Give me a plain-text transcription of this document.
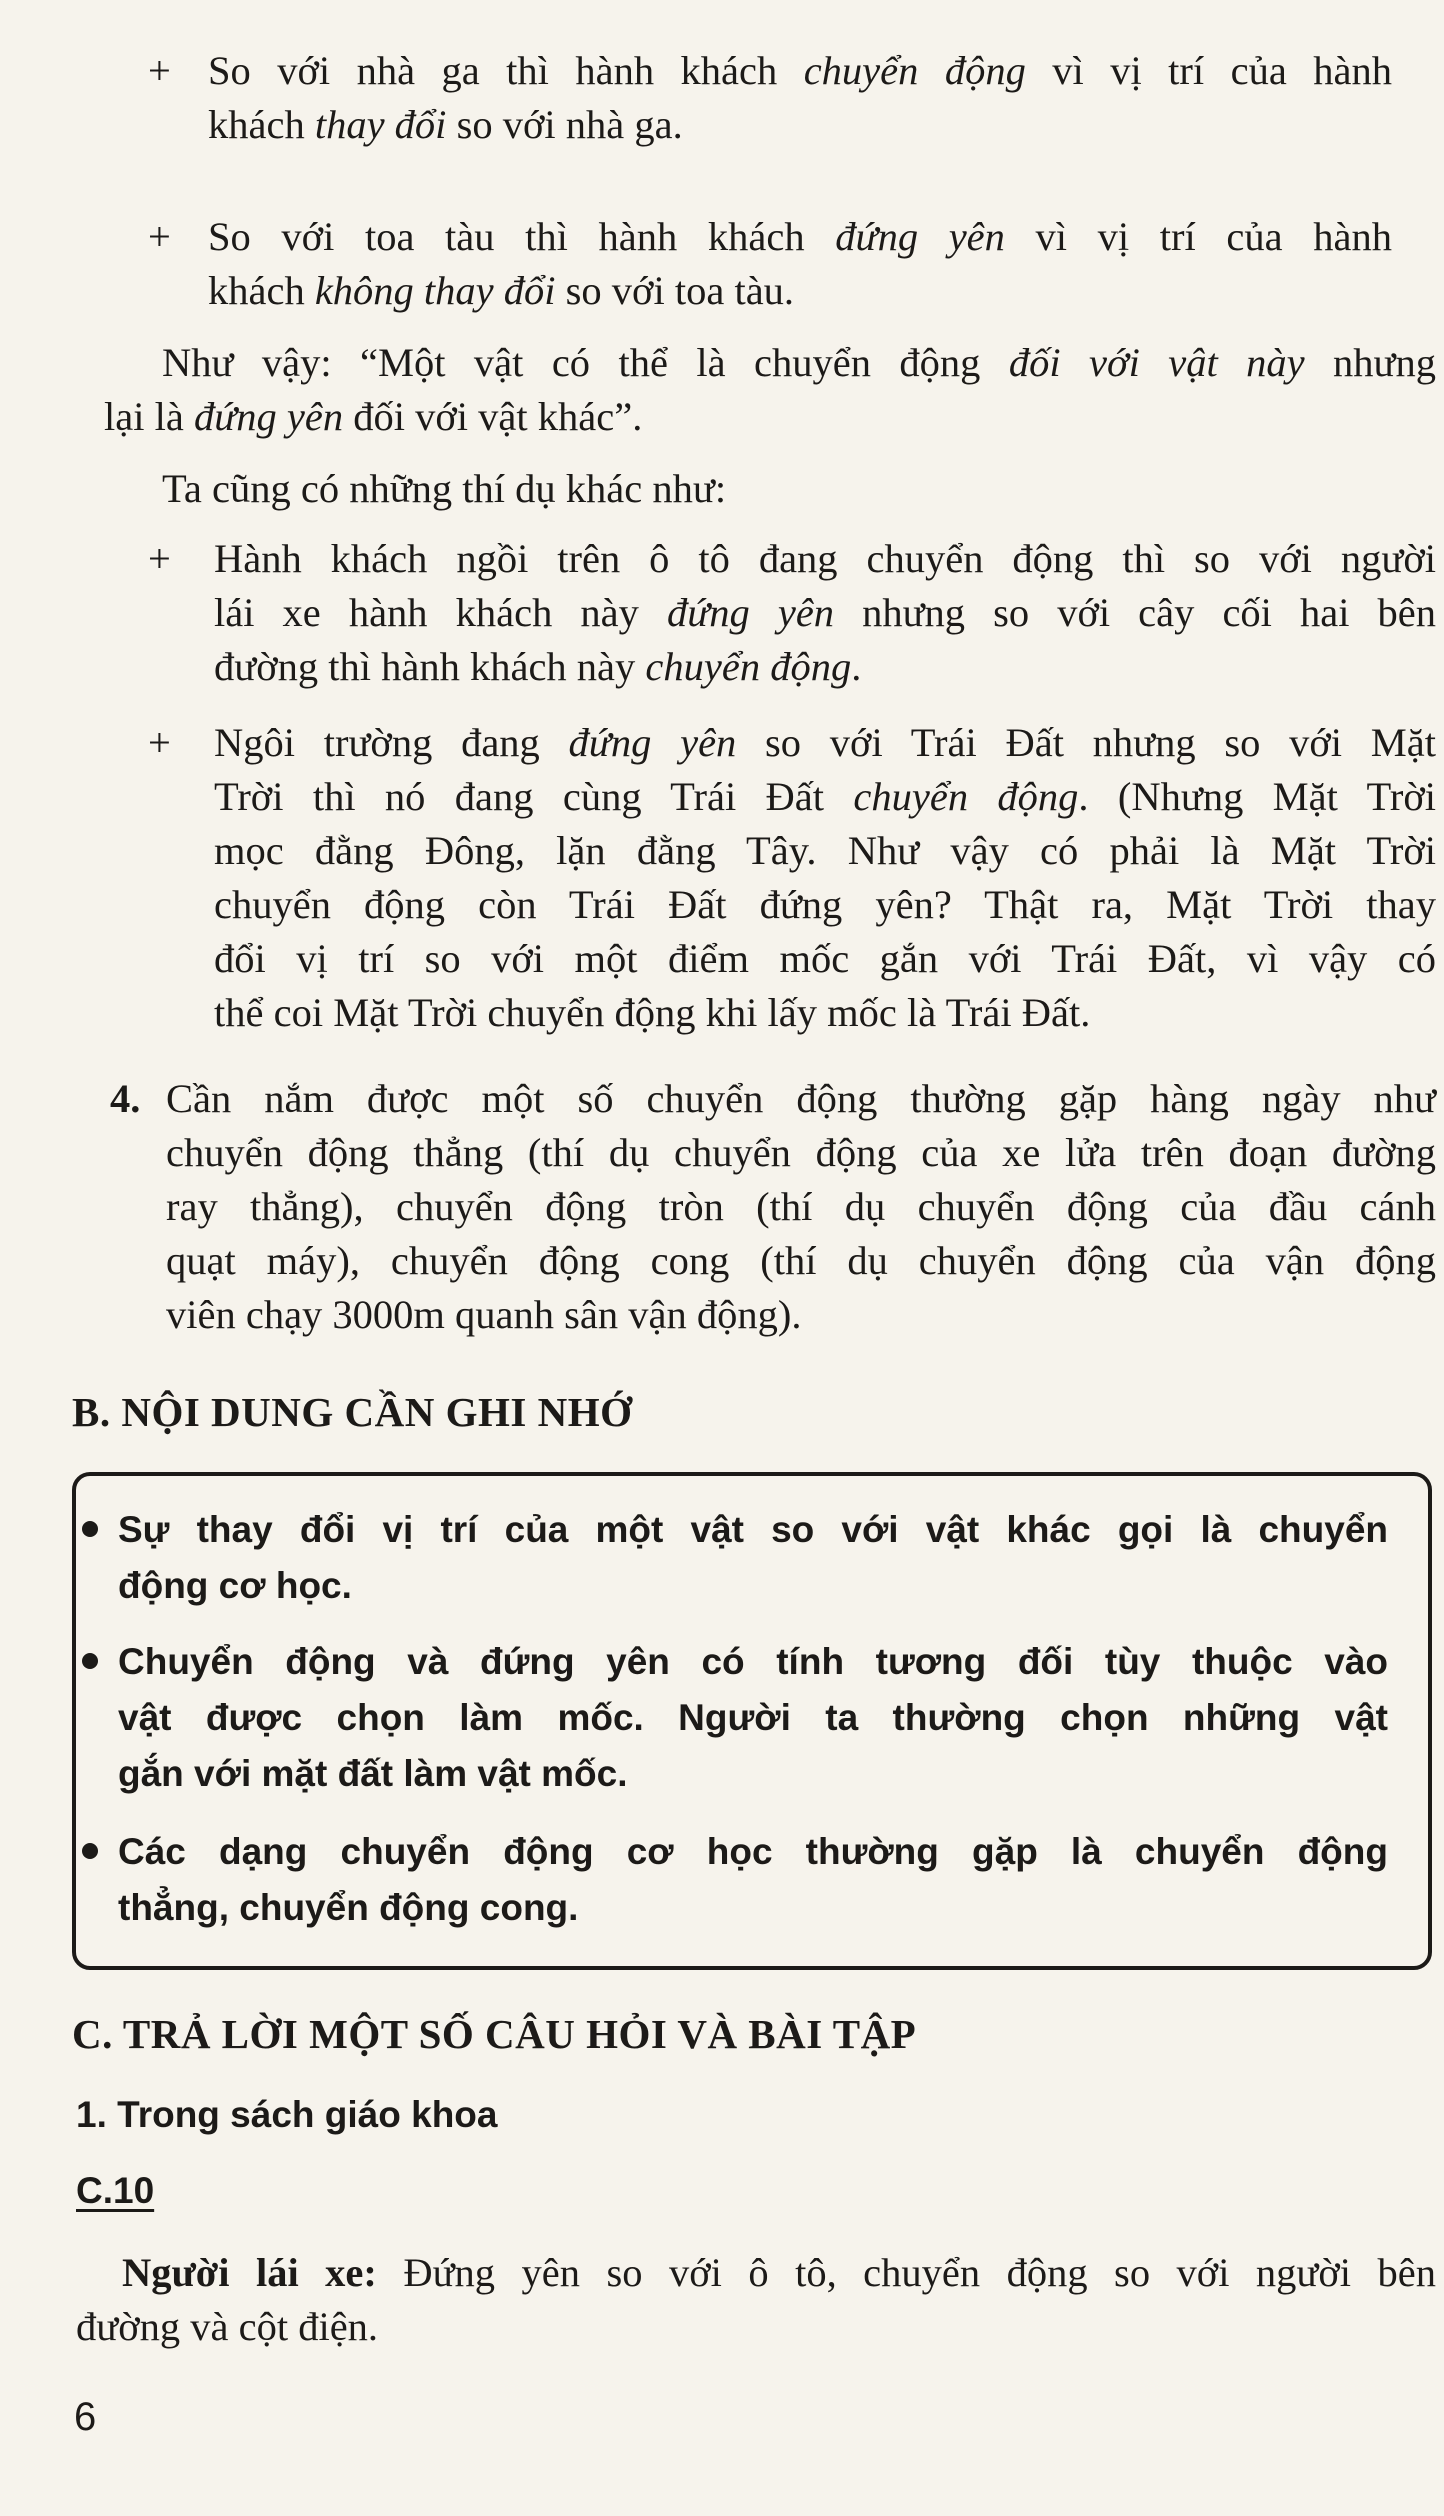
+ So với nhà ga thì hành khách chuyển động vì vị trí của hành
khách thay đổi so với nhà ga.
+ So với toa tàu thì hành khách đứng yên vì vị trí của hành
khách không thay đổi so với toa tàu.
Như vậy: “Một vật có thể là chuyển động đối với vật này nhưng
lại là đứng yên đối với vật khác”.
Ta cũng có những thí dụ khác như:
+ Hành khách ngồi trên ô tô đang chuyển động thì so với người
lái xe hành khách này đứng yên nhưng so với cây cối hai bên
đường thì hành khách này chuyển động.
+ Ngôi trường đang đứng yên so với Trái Đất nhưng so với Mặt
Trời thì nó đang cùng Trái Đất chuyển động. (Nhưng Mặt Trời
mọc đằng Đông, lặn đằng Tây. Như vậy có phải là Mặt Trời
chuyển động còn Trái Đất đứng yên? Thật ra, Mặt Trời thay
đổi vị trí so với một điểm mốc gắn với Trái Đất, vì vậy có
thể coi Mặt Trời chuyển động khi lấy mốc là Trái Đất.
4. Cần nắm được một số chuyển động thường gặp hàng ngày như
chuyển động thẳng (thí dụ chuyển động của xe lửa trên đoạn đường
ray thẳng), chuyển động tròn (thí dụ chuyển động của đầu cánh
quạt máy), chuyển động cong (thí dụ chuyển động của vận động
viên chạy 3000m quanh sân vận động).
B. NỘI DUNG CẦN GHI NHỚ
Sự thay đổi vị trí của một vật so với vật khác gọi là chuyển
động cơ học.
Chuyển động và đứng yên có tính tương đối tùy thuộc vào
vật được chọn làm mốc. Người ta thường chọn những vật
gắn với mặt đất làm vật mốc.
Các dạng chuyển động cơ học thường gặp là chuyển động
thẳng, chuyển động cong.
C. TRẢ LỜI MỘT SỐ CÂU HỎI VÀ BÀI TẬP
1. Trong sách giáo khoa
C.10
Người lái xe: Đứng yên so với ô tô, chuyển động so với người bên
đường và cột điện.
6
